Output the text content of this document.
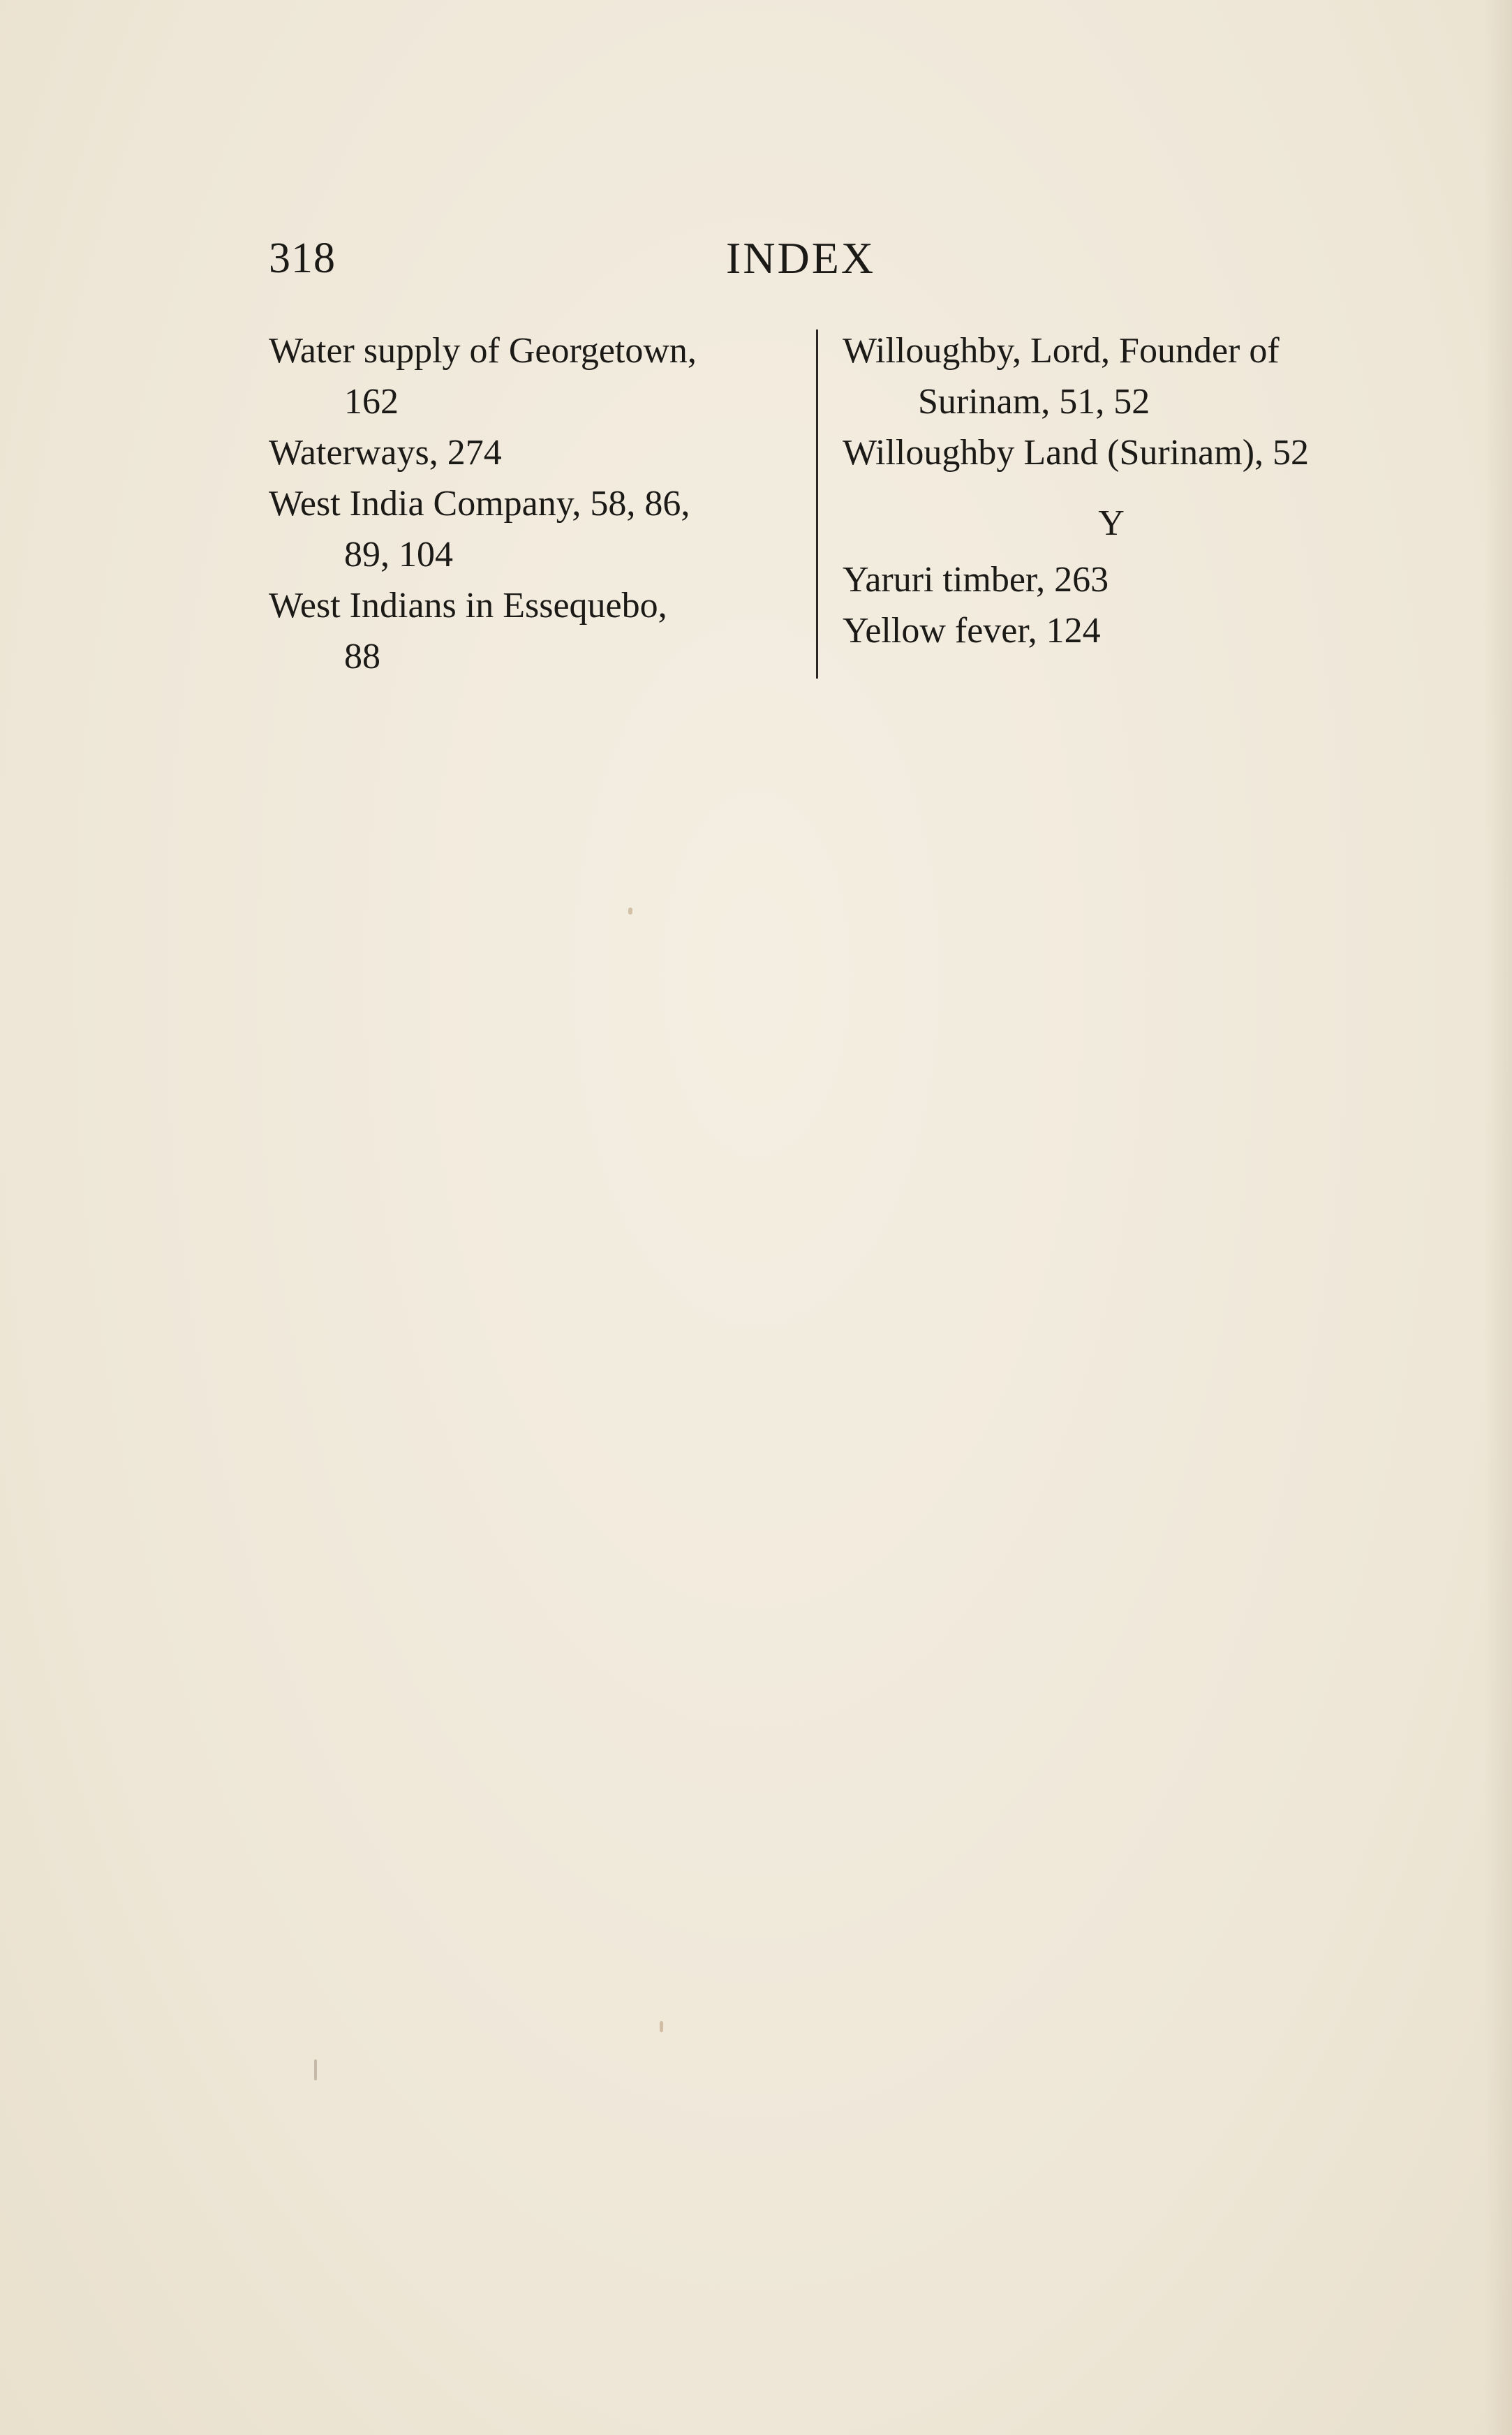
318	INDEX
Water supply of Georgetown,
162
Waterways, 274
West India Company, 58, 86,
89, 104
West Indians in Essequebo,
88
Willoughby, Lord, Founder of
Surinam, 51, 52
Willoughby Land (Surinam), 52
Y
Yaruri timber, 263
Yellow fever, 124
